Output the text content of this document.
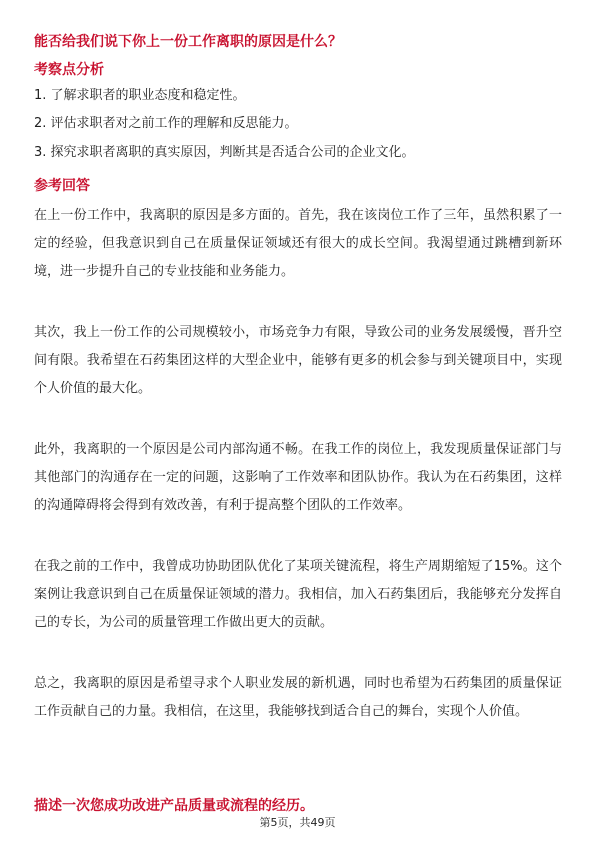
能否给我们说下你上一份工作离职的原因是什么？
考察点分析
1. 了解求职者的职业态度和稳定性。
2. 评估求职者对之前工作的理解和反思能力。
3. 探究求职者离职的真实原因，判断其是否适合公司的企业文化。
参考回答

在上一份工作中，我离职的原因是多方面的。首先，我在该岗位工作了三年，虽然积累了一定的经验，但我意识到自己在质量保证领域还有很大的成长空间。我渴望通过跳槽到新环境，进一步提升自己的专业技能和业务能力。

其次，我上一份工作的公司规模较小，市场竞争力有限，导致公司的业务发展缓慢，晋升空间有限。我希望在石药集团这样的大型企业中，能够有更多的机会参与到关键项目中，实现个人价值的最大化。

此外，我离职的一个原因是公司内部沟通不畅。在我工作的岗位上，我发现质量保证部门与其他部门的沟通存在一定的问题，这影响了工作效率和团队协作。我认为在石药集团，这样的沟通障碍将会得到有效改善，有利于提高整个团队的工作效率。

在我之前的工作中，我曾成功协助团队优化了某项关键流程，将生产周期缩短了15%。这个案例让我意识到自己在质量保证领域的潜力。我相信，加入石药集团后，我能够充分发挥自己的专长，为公司的质量管理工作做出更大的贡献。

总之，我离职的原因是希望寻求个人职业发展的新机遇，同时也希望为石药集团的质量保证工作贡献自己的力量。我相信，在这里，我能够找到适合自己的舞台，实现个人价值。

描述一次您成功改进产品质量或流程的经历。
第5页，共49页
